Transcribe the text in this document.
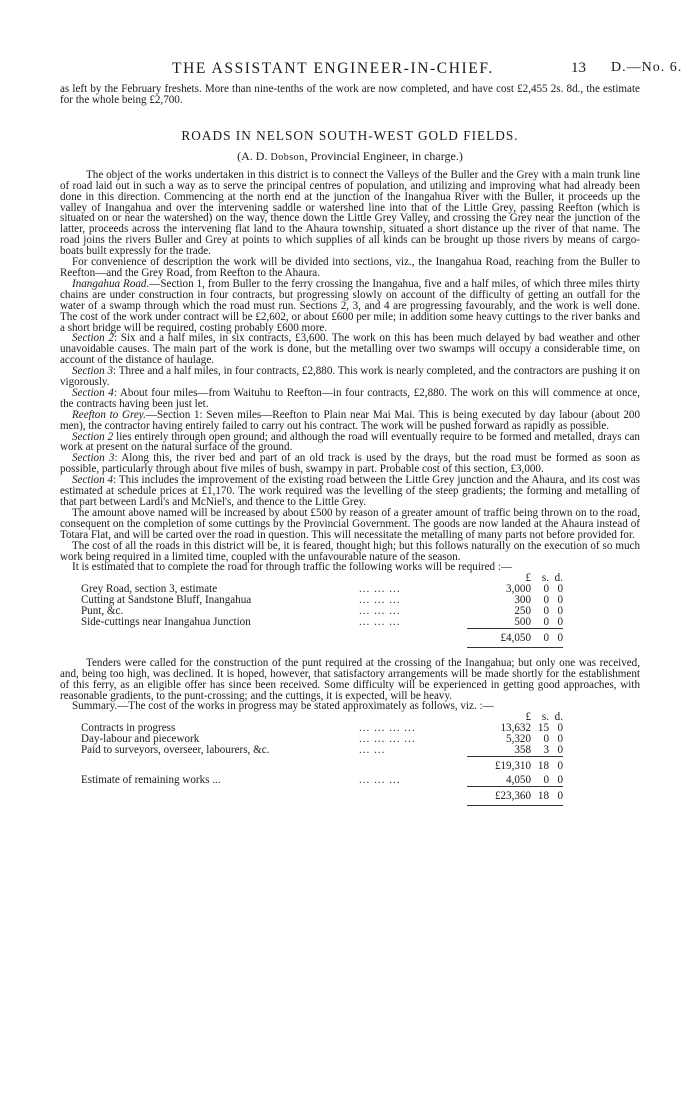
THE ASSISTANT ENGINEER-IN-CHIEF.	13 D.—No. 6.

as left by the February freshets. More than nine-tenths of the work are now completed, and have cost £2,455 2s. 8d., the estimate for the whole being £2,700.

ROADS IN NELSON SOUTH-WEST GOLD FIELDS.
(A. D. Dobson, Provincial Engineer, in charge.)

The object of the works undertaken in this district is to connect the Valleys of the Buller and the Grey with a main trunk line of road laid out in such a way as to serve the principal centres of population, and utilizing and improving what had already been done in this direction. Commencing at the north end at the junction of the Inangahua River with the Buller, it proceeds up the valley of Inangahua and over the intervening saddle or watershed line into that of the Little Grey, passing Reefton (which is situated on or near the watershed) on the way, thence down the Little Grey Valley, and crossing the Grey near the junction of the latter, proceeds across the intervening flat land to the Ahaura township, situated a short distance up the river of that name. The road joins the rivers Buller and Grey at points to which supplies of all kinds can be brought up those rivers by means of cargo-boats built expressly for the trade.

For convenience of description the work will be divided into sections, viz., the Inangahua Road, reaching from the Buller to Reefton—and the Grey Road, from Reefton to the Ahaura.

Inangahua Road.—Section 1, from Buller to the ferry crossing the Inangahua, five and a half miles, of which three miles thirty chains are under construction in four contracts, but progressing slowly on account of the difficulty of getting an outfall for the water of a swamp through which the road must run. Sections 2, 3, and 4 are progressing favourably, and the work is well done. The cost of the work under contract will be £2,602, or about £600 per mile; in addition some heavy cuttings to the river banks and a short bridge will be required, costing probably £600 more.

Section 2: Six and a half miles, in six contracts, £3,600. The work on this has been much delayed by bad weather and other unavoidable causes. The main part of the work is done, but the metalling over two swamps will occupy a considerable time, on account of the distance of haulage.

Section 3: Three and a half miles, in four contracts, £2,880. This work is nearly completed, and the contractors are pushing it on vigorously.

Section 4: About four miles—from Waituhu to Reefton—in four contracts, £2,880. The work on this will commence at once, the contracts having been just let.

Reefton to Grey.—Section 1: Seven miles—Reefton to Plain near Mai Mai. This is being executed by day labour (about 200 men), the contractor having entirely failed to carry out his contract. The work will be pushed forward as rapidly as possible.

Section 2 lies entirely through open ground; and although the road will eventually require to be formed and metalled, drays can work at present on the natural surface of the ground.

Section 3: Along this, the river bed and part of an old track is used by the drays, but the road must be formed as soon as possible, particularly through about five miles of bush, swampy in part. Probable cost of this section, £3,000.

Section 4: This includes the improvement of the existing road between the Little Grey junction and the Ahaura, and its cost was estimated at schedule prices at £1,170. The work required was the levelling of the steep gradients; the forming and metalling of that part between Lardi's and McNiel's, and thence to the Little Grey.

The amount above named will be increased by about £500 by reason of a greater amount of traffic being thrown on to the road, consequent on the completion of some cuttings by the Provincial Government. The goods are now landed at the Ahaura instead of Totara Flat, and will be carted over the road in question. This will necessitate the metalling of many parts not before provided for.

The cost of all the roads in this district will be, it is feared, thought high; but this follows naturally on the execution of so much work being required in a limited time, coupled with the unfavourable nature of the season.

It is estimated that to complete the road for through traffic the following works will be required :—

		£	s.	d.
Grey Road, section 3, estimate	... ... ...	3,000	0	0
Cutting at Sandstone Bluff, Inangahua	... ... ...	300	0	0
Punt, &c.	... ... ...	250	0	0
Side-cuttings near Inangahua Junction	... ... ...	500	0	0
		£4,050	0	0

Tenders were called for the construction of the punt required at the crossing of the Inangahua; but only one was received, and, being too high, was declined. It is hoped, however, that satisfactory arrangements will be made shortly for the establishment of this ferry, as an eligible offer has since been received. Some difficulty will be experienced in getting good approaches, with reasonable gradients, to the punt-crossing; and the cuttings, it is expected, will be heavy.

Summary.—The cost of the works in progress may be stated approximately as follows, viz. :—

		£	s.	d.
Contracts in progress	... ... ... ...	13,632	15	0
Day-labour and piecework	... ... ... ...	5,320	0	0
Paid to surveyors, overseer, labourers, &c.	... ...	358	3	0
		£19,310	18	0
Estimate of remaining works ...	... ... ...	4,050	0	0
		£23,360	18	0
